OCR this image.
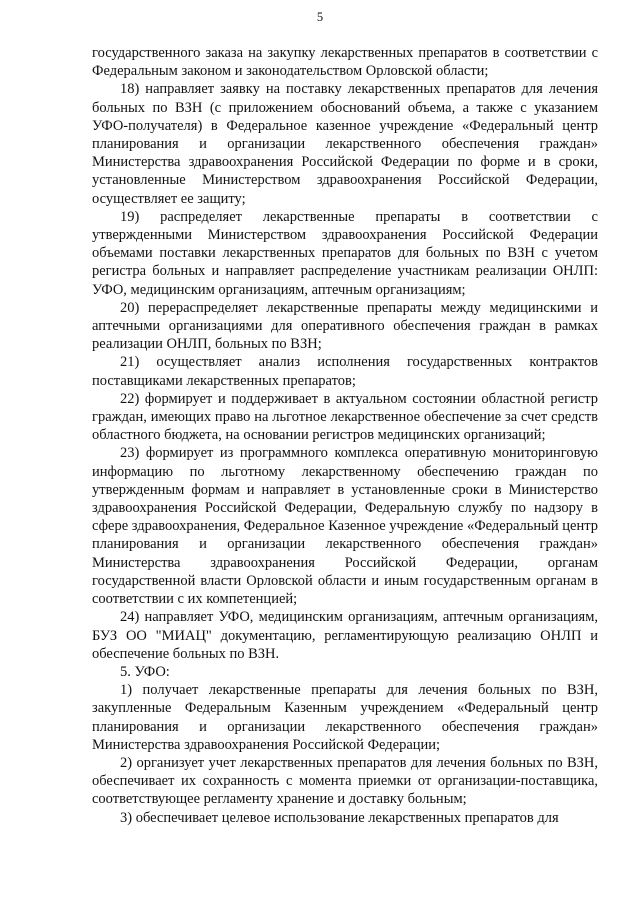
5

государственного заказа на закупку лекарственных препаратов в соответствии с Федеральным законом и законодательством Орловской области;

18) направляет заявку на поставку лекарственных препаратов для лечения больных по ВЗН (с приложением обоснований объема, а также с указанием УФО-получателя) в Федеральное казенное учреждение «Федеральный центр планирования и организации лекарственного обеспечения граждан» Министерства здравоохранения Российской Федерации по форме и в сроки, установленные Министерством здравоохранения Российской Федерации, осуществляет ее защиту;

19) распределяет лекарственные препараты в соответствии с утвержденными Министерством здравоохранения Российской Федерации объемами поставки лекарственных препаратов для больных по ВЗН с учетом регистра больных и направляет распределение участникам реализации ОНЛП: УФО, медицинским организациям, аптечным организациям;

20) перераспределяет лекарственные препараты между медицинскими и аптечными организациями для оперативного обеспечения граждан в рамках реализации ОНЛП, больных по ВЗН;

21) осуществляет анализ исполнения государственных контрактов поставщиками лекарственных препаратов;

22) формирует и поддерживает в актуальном состоянии областной регистр граждан, имеющих право на льготное лекарственное обеспечение за счет средств областного бюджета, на основании регистров медицинских организаций;

23) формирует из программного комплекса оперативную мониторинговую информацию по льготному лекарственному обеспечению граждан по утвержденным формам и направляет в установленные сроки в Министерство здравоохранения Российской Федерации, Федеральную службу по надзору в сфере здравоохранения, Федеральное Казенное учреждение «Федеральный центр планирования и организации лекарственного обеспечения граждан» Министерства здравоохранения Российской Федерации, органам государственной власти Орловской области и иным государственным органам в соответствии с их компетенцией;

24) направляет УФО, медицинским организациям, аптечным организациям, БУЗ ОО "МИАЦ" документацию, регламентирующую реализацию ОНЛП и обеспечение больных по ВЗН.

5. УФО:

1) получает лекарственные препараты для лечения больных по ВЗН, закупленные Федеральным Казенным учреждением «Федеральный центр планирования и организации лекарственного обеспечения граждан» Министерства здравоохранения Российской Федерации;

2) организует учет лекарственных препаратов для лечения больных по ВЗН, обеспечивает их сохранность с момента приемки от организации-поставщика, соответствующее регламенту хранение и доставку больным;

3) обеспечивает целевое использование лекарственных препаратов для
